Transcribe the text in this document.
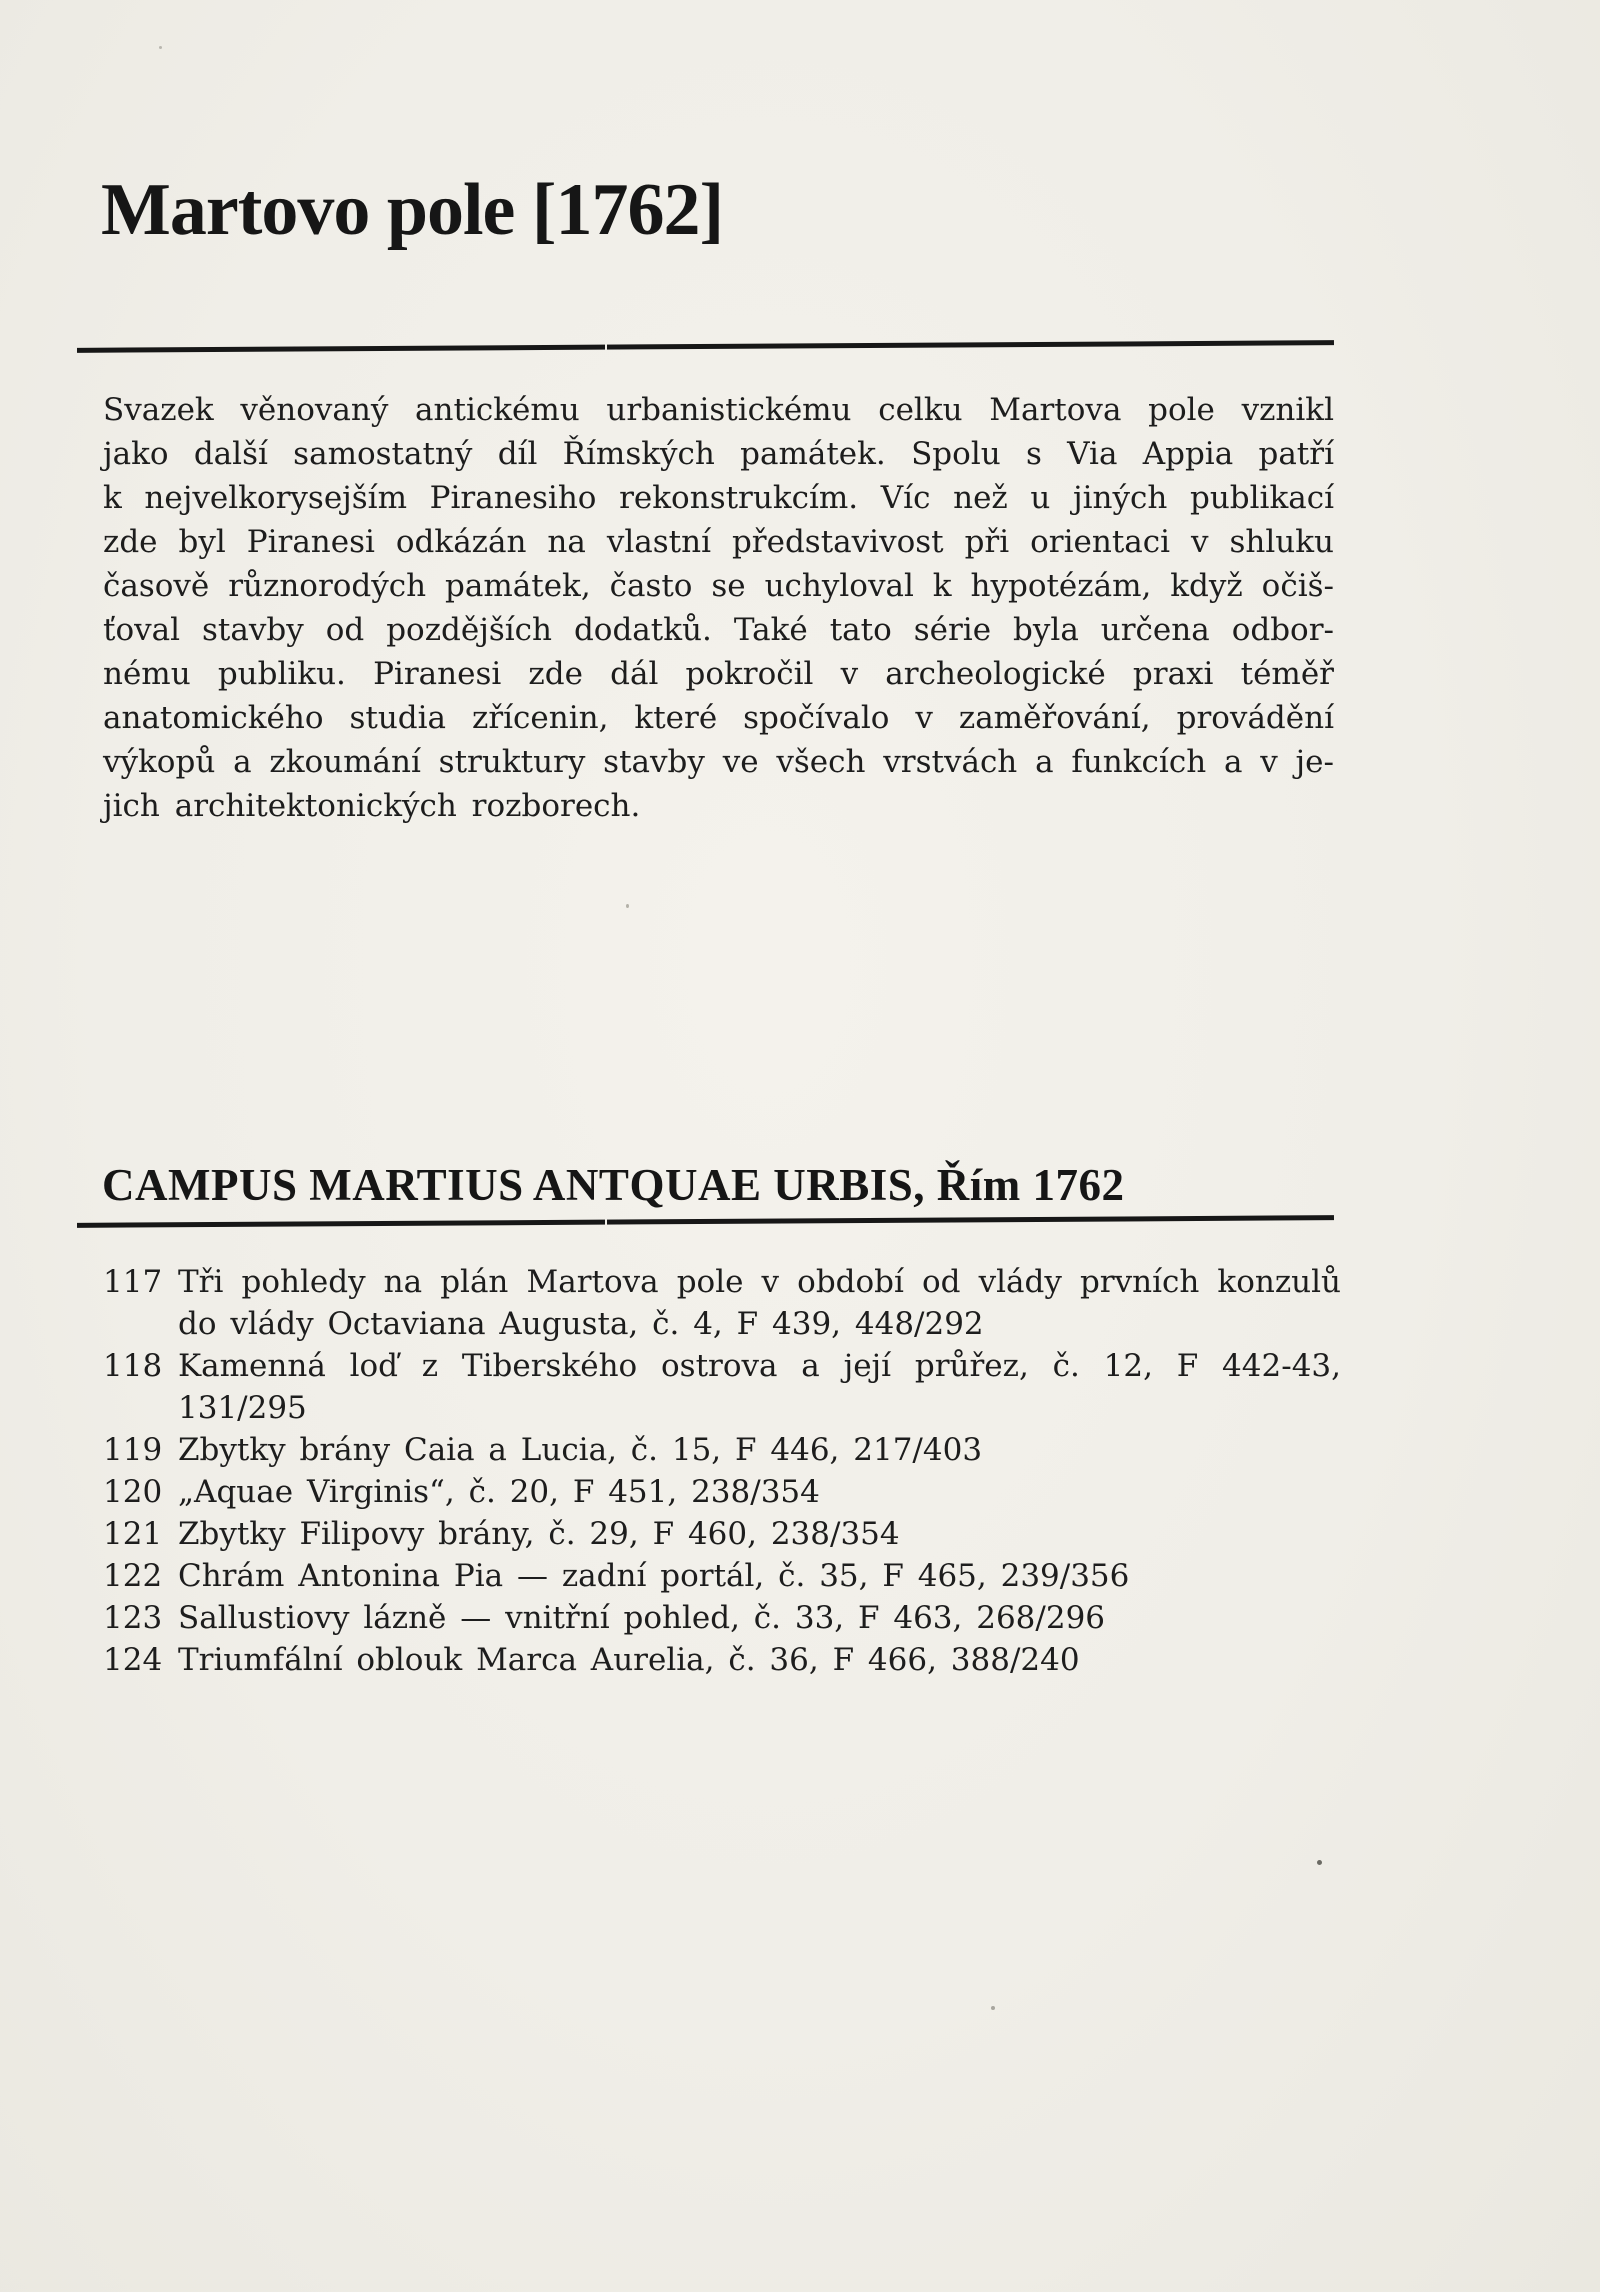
Martovo pole [1762]
Svazek věnovaný antickému urbanistickému celku Martova pole vznikl
jako další samostatný díl Římských památek. Spolu s Via Appia patří
k nejvelkorysejším Piranesiho rekonstrukcím. Víc než u jiných publikací
zde byl Piranesi odkázán na vlastní představivost při orientaci v shluku
časově různorodých památek, často se uchyloval k hypotézám, když očiš-
ťoval stavby od pozdějších dodatků. Také tato série byla určena odbor-
nému publiku. Piranesi zde dál pokročil v archeologické praxi téměř
anatomického studia zřícenin, které spočívalo v zaměřování, provádění
výkopů a zkoumání struktury stavby ve všech vrstvách a funkcích a v je-
jich architektonických rozborech.
CAMPUS MARTIUS ANTQUAE URBIS, Řím 1762
117 Tři pohledy na plán Martova pole v období od vlády prvních konzulů
do vlády Octaviana Augusta, č. 4, F 439, 448/292
118 Kamenná loď z Tiberského ostrova a její průřez, č. 12, F 442-43,
131/295
119 Zbytky brány Caia a Lucia, č. 15, F 446, 217/403
120 „Aquae Virginis“, č. 20, F 451, 238/354
121 Zbytky Filipovy brány, č. 29, F 460, 238/354
122 Chrám Antonina Pia — zadní portál, č. 35, F 465, 239/356
123 Sallustiovy lázně — vnitřní pohled, č. 33, F 463, 268/296
124 Triumfální oblouk Marca Aurelia, č. 36, F 466, 388/240
